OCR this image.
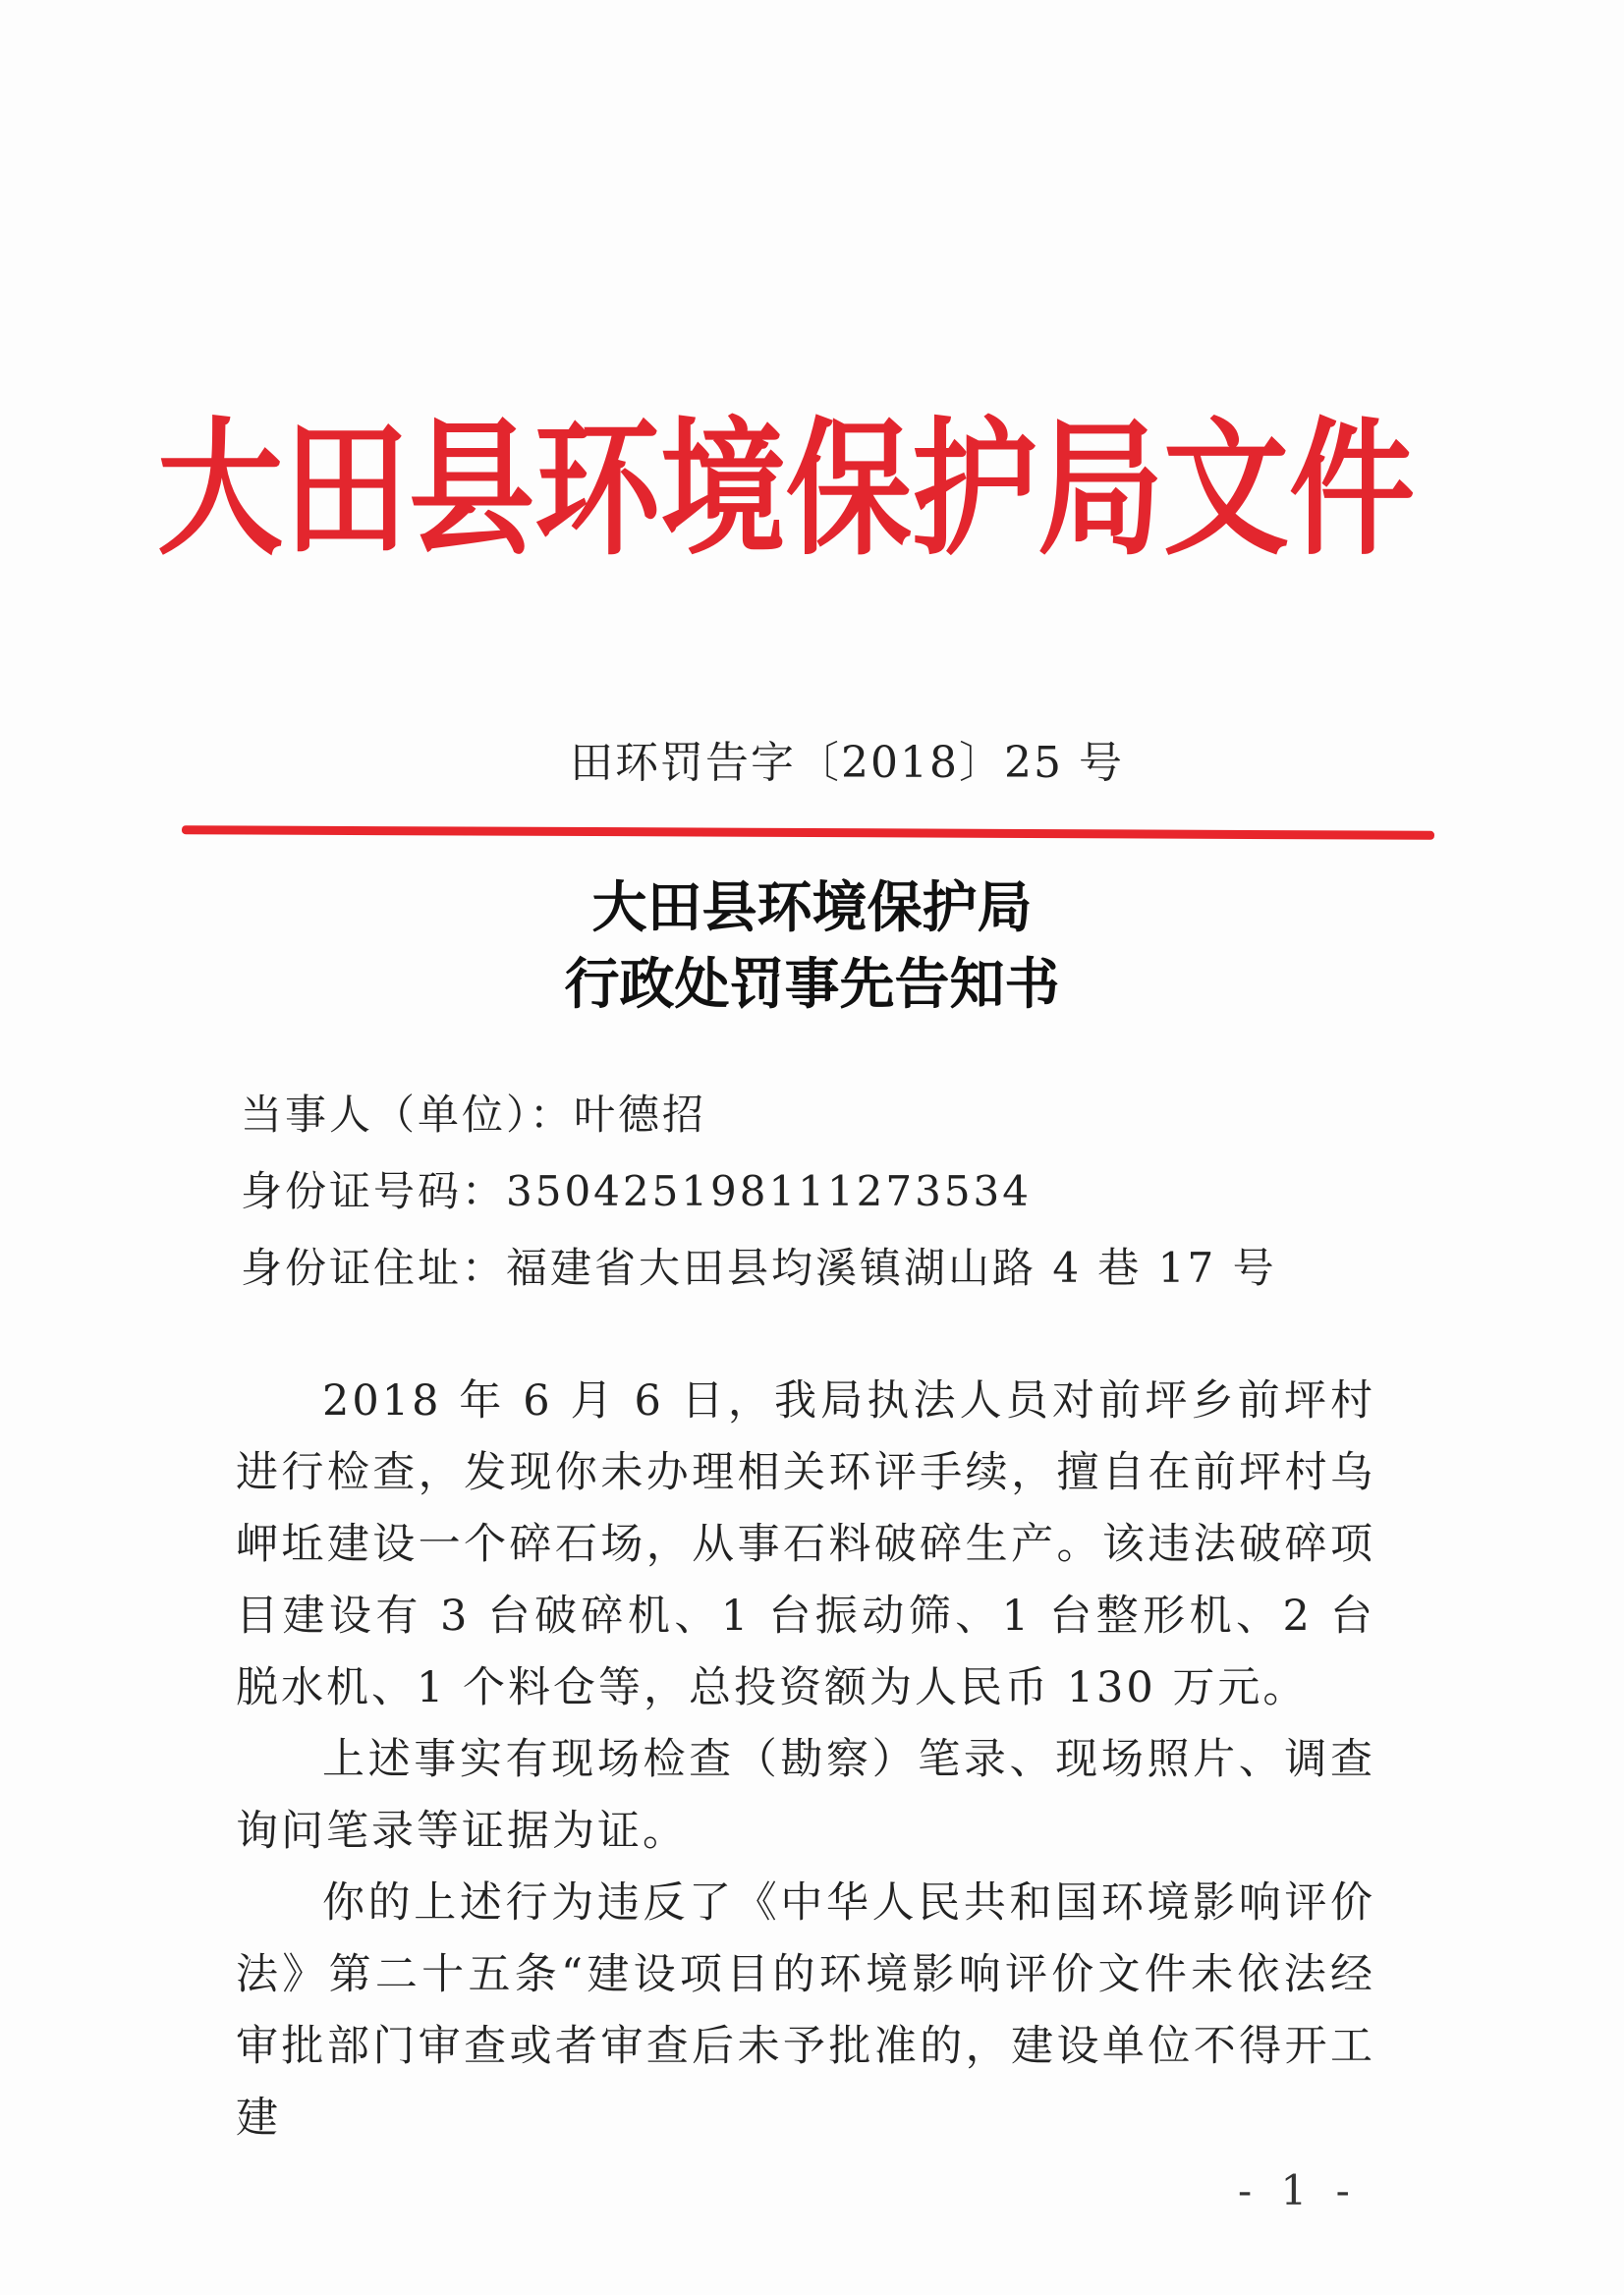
大田县环境保护局文件
田环罚告字〔2018〕25 号
大田县环境保护局
行政处罚事先告知书
当事人（单位）：叶德招
身份证号码：350425198111273534
身份证住址：福建省大田县均溪镇湖山路 4 巷 17 号
2018 年 6 月 6 日，我局执法人员对前坪乡前坪村进行检查，发现你未办理相关环评手续，擅自在前坪村乌岬坵建设一个碎石场，从事石料破碎生产。该违法破碎项目建设有 3 台破碎机、1 台振动筛、1 台整形机、2 台脱水机、1 个料仓等，总投资额为人民币 130 万元。
上述事实有现场检查（勘察）笔录、现场照片、调查询问笔录等证据为证。
你的上述行为违反了《中华人民共和国环境影响评价法》第二十五条“建设项目的环境影响评价文件未依法经审批部门审查或者审查后未予批准的，建设单位不得开工建
- 1 -
